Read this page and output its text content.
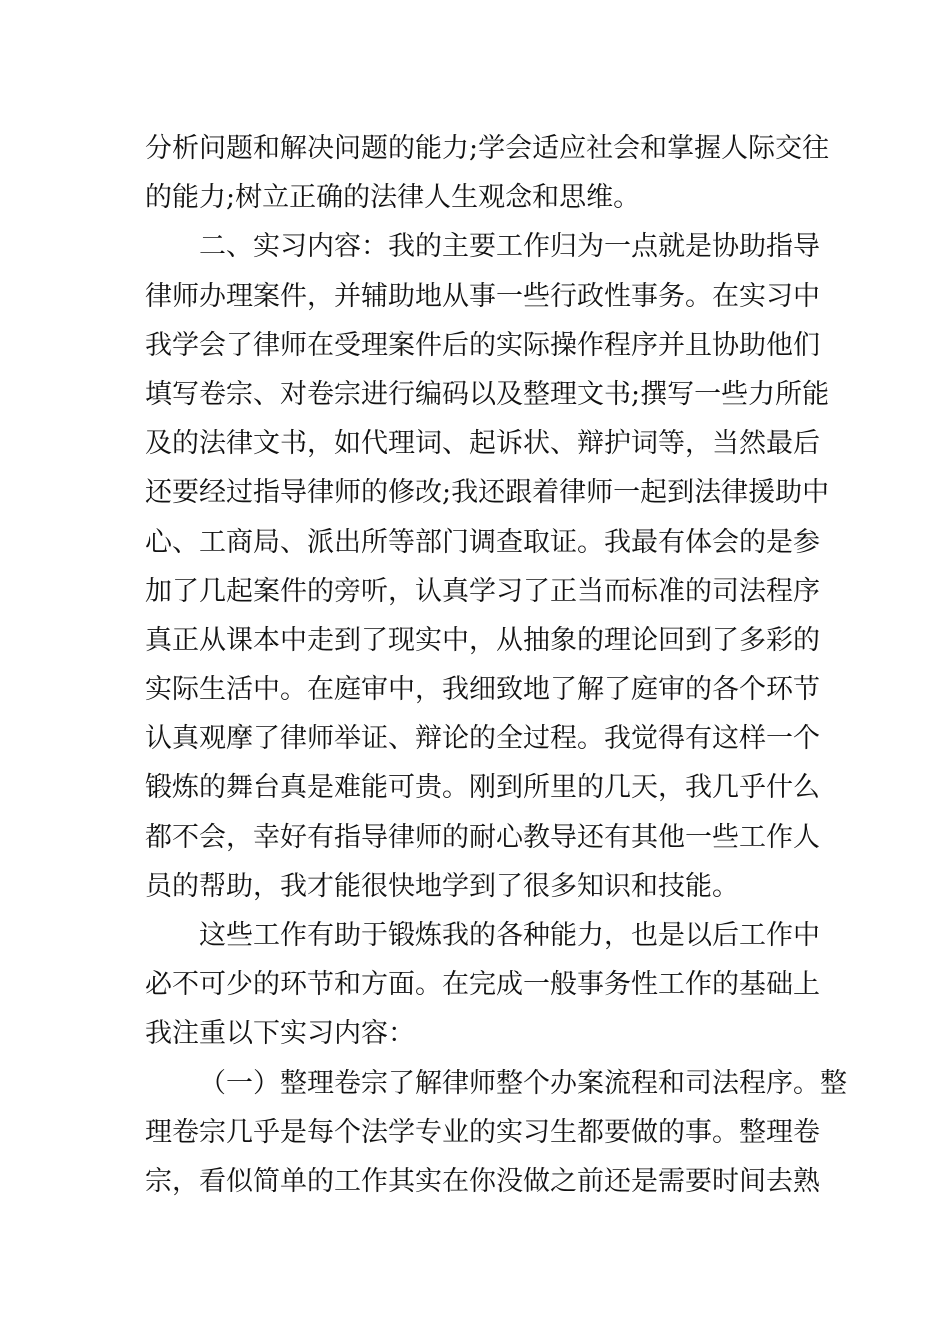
分析问题和解决问题的能力;学会适应社会和掌握人际交往
的能力;树立正确的法律人生观念和思维。
二、实习内容：我的主要工作归为一点就是协助指导
律师办理案件，并辅助地从事一些行政性事务。在实习中
我学会了律师在受理案件后的实际操作程序并且协助他们
填写卷宗、对卷宗进行编码以及整理文书;撰写一些力所能
及的法律文书，如代理词、起诉状、辩护词等，当然最后
还要经过指导律师的修改;我还跟着律师一起到法律援助中
心、工商局、派出所等部门调查取证。我最有体会的是参
加了几起案件的旁听，认真学习了正当而标准的司法程序
真正从课本中走到了现实中，从抽象的理论回到了多彩的
实际生活中。在庭审中，我细致地了解了庭审的各个环节
认真观摩了律师举证、辩论的全过程。我觉得有这样一个
锻炼的舞台真是难能可贵。刚到所里的几天，我几乎什么
都不会，幸好有指导律师的耐心教导还有其他一些工作人
员的帮助，我才能很快地学到了很多知识和技能。
这些工作有助于锻炼我的各种能力，也是以后工作中
必不可少的环节和方面。在完成一般事务性工作的基础上
我注重以下实习内容：
（一）整理卷宗了解律师整个办案流程和司法程序。整
理卷宗几乎是每个法学专业的实习生都要做的事。整理卷
宗，看似简单的工作其实在你没做之前还是需要时间去熟
